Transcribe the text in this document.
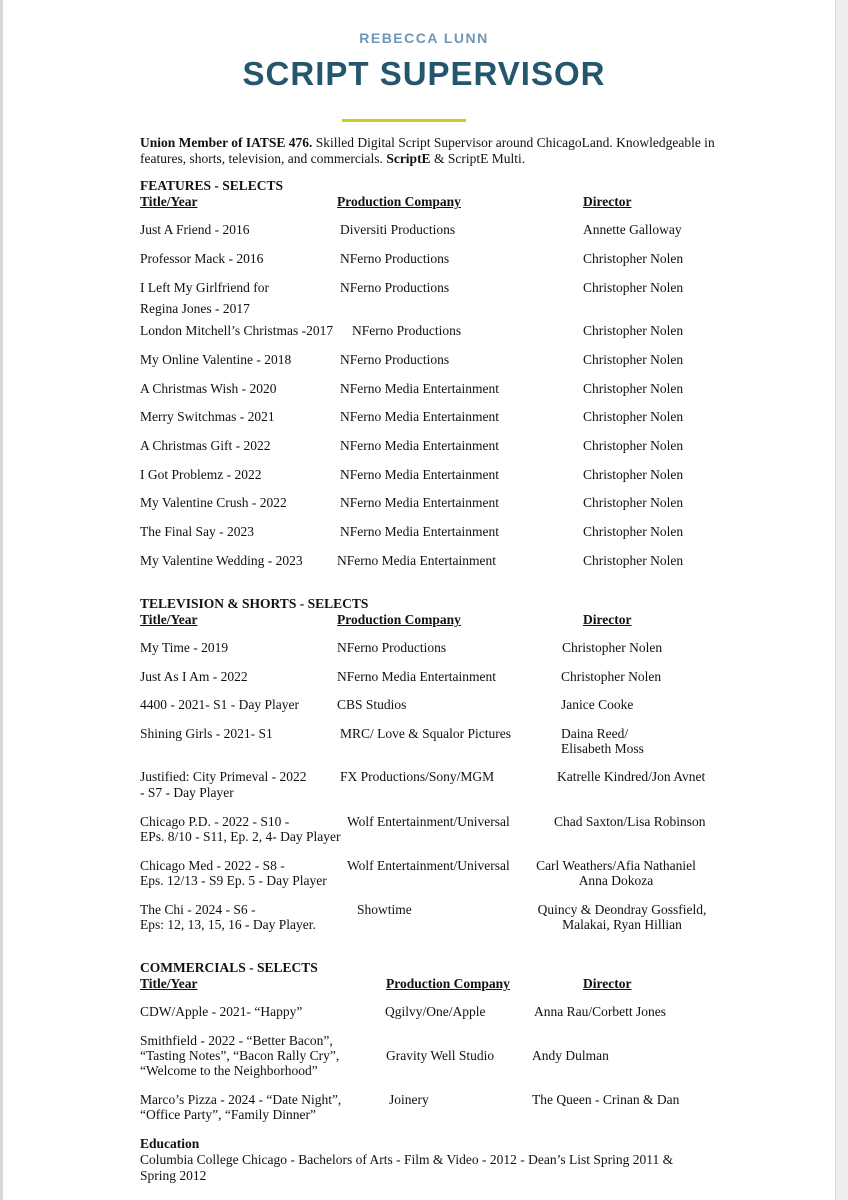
REBECCA LUNN
SCRIPT SUPERVISOR
Union Member of IATSE 476. Skilled Digital Script Supervisor around ChicagoLand. Knowledgeable in features, shorts, television, and commercials. ScriptE & ScriptE Multi.
FEATURES - SELECTS
Title/Year	Production Company	Director
Just A Friend - 2016	Diversiti Productions	Annette Galloway
Professor Mack - 2016	NFerno Productions	Christopher Nolen
I Left My Girlfriend for
Regina Jones - 2017
NFerno Productions	Christopher Nolen
London Mitchell’s Christmas -2017 NFerno Productions	Christopher Nolen
My Online Valentine - 2018	NFerno Productions	Christopher Nolen
A Christmas Wish - 2020	NFerno Media Entertainment	Christopher Nolen
Merry Switchmas - 2021	NFerno Media Entertainment	Christopher Nolen
A Christmas Gift - 2022	NFerno Media Entertainment	Christopher Nolen
I Got Problemz - 2022	NFerno Media Entertainment	Christopher Nolen
My Valentine Crush - 2022	NFerno Media Entertainment	Christopher Nolen
The Final Say - 2023	NFerno Media Entertainment	Christopher Nolen
My Valentine Wedding - 2023	NFerno Media Entertainment	Christopher Nolen
TELEVISION & SHORTS - SELECTS
Title/Year	Production Company	Director
My Time - 2019	NFerno Productions	Christopher Nolen
Just As I Am - 2022	NFerno Media Entertainment	Christopher Nolen
4400 - 2021- S1 - Day Player	CBS Studios	Janice Cooke
Shining Girls - 2021- S1	MRC/ Love & Squalor Pictures	Daina Reed/
Elisabeth Moss
Justified: City Primeval - 2022
- S7 - Day Player
FX Productions/Sony/MGM	Katrelle Kindred/Jon Avnet
Chicago P.D. - 2022 - S10 -
EPs. 8/10 - S11, Ep. 2, 4- Day Player
Wolf Entertainment/Universal	Chad Saxton/Lisa Robinson
Chicago Med - 2022 - S8 -
Eps. 12/13 - S9 Ep. 5 - Day Player
Wolf Entertainment/Universal	Carl Weathers/Afia Nathaniel
Anna Dokoza
The Chi - 2024 - S6 -
Eps: 12, 13, 15, 16 - Day Player.
Showtime	Quincy & Deondray Gossfield,
Malakai, Ryan Hillian
COMMERCIALS - SELECTS
Title/Year	Production Company	Director
CDW/Apple - 2021- “Happy”	Qgilvy/One/Apple	Anna Rau/Corbett Jones
Smithfield - 2022 - “Better Bacon”,
“Tasting Notes”, “Bacon Rally Cry”,
“Welcome to the Neighborhood”
Gravity Well Studio	Andy Dulman
Marco’s Pizza - 2024 - “Date Night”,
“Office Party”, “Family Dinner”
Joinery	The Queen - Crinan & Dan
Education
Columbia College Chicago - Bachelors of Arts - Film & Video - 2012 - Dean’s List Spring 2011 & Spring 2012
